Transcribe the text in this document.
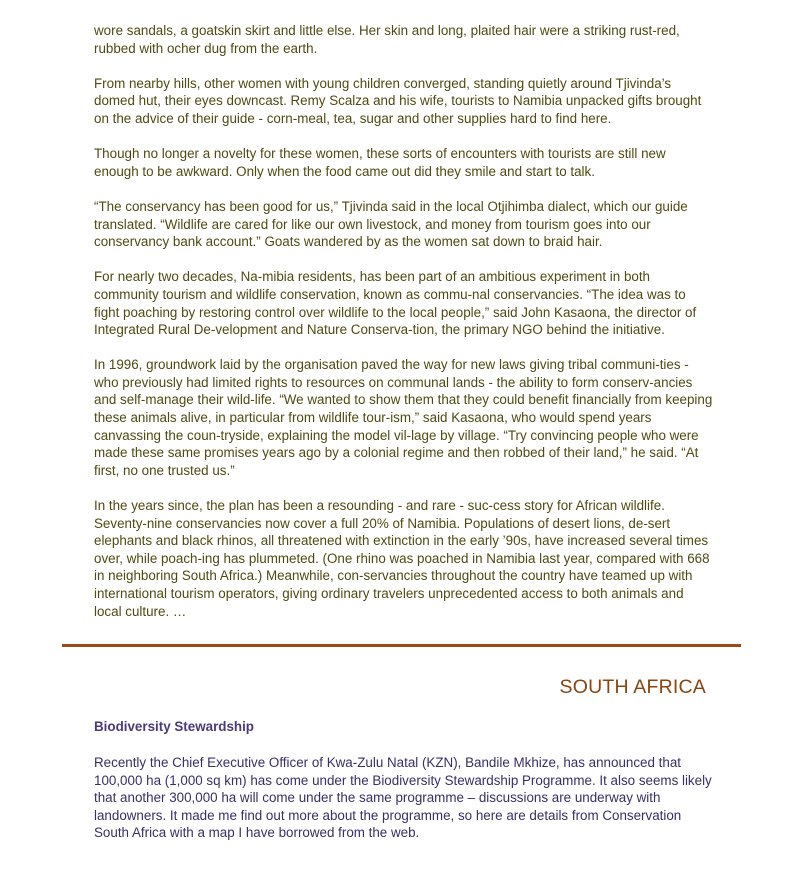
wore sandals, a goatskin skirt and little else. Her skin and long, plaited hair were a striking rust-red, rubbed with ocher dug from the earth.

From nearby hills, other women with young children converged, standing quietly around Tjivinda’s domed hut, their eyes downcast. Remy Scalza and his wife, tourists to Namibia unpacked gifts brought on the advice of their guide - corn-meal, tea, sugar and other supplies hard to find here.

Though no longer a novelty for these women, these sorts of encounters with tourists are still new enough to be awkward. Only when the food came out did they smile and start to talk.

“The conservancy has been good for us,” Tjivinda said in the local Otjihimba dialect, which our guide translated. “Wildlife are cared for like our own livestock, and money from tourism goes into our conservancy bank account.” Goats wandered by as the women sat down to braid hair.

For nearly two decades, Na-mibia residents, has been part of an ambitious experiment in both community tourism and wildlife conservation, known as commu-nal conservancies. “The idea was to fight poaching by restoring control over wildlife to the local people,” said John Kasaona, the director of Integrated Rural De-velopment and Nature Conserva-tion, the primary NGO behind the initiative.

In 1996, groundwork laid by the organisation paved the way for new laws giving tribal communi-ties - who previously had limited rights to resources on communal lands - the ability to form conserv-ancies and self-manage their wild-life. “We wanted to show them that they could benefit financially from keeping these animals alive, in particular from wildlife tour-ism,” said Kasaona, who would spend years canvassing the coun-tryside, explaining the model vil-lage by village. “Try convincing people who were made these same promises years ago by a colonial regime and then robbed of their land,” he said. “At first, no one trusted us.”

In the years since, the plan has been a resounding - and rare - suc-cess story for African wildlife. Seventy-nine conservancies now cover a full 20% of Namibia. Populations of desert lions, de-sert elephants and black rhinos, all threatened with extinction in the early ’90s, have increased several times over, while poach-ing has plummeted. (One rhino was poached in Namibia last year, compared with 668 in neighboring South Africa.) Meanwhile, con-servancies throughout the country have teamed up with international tourism operators, giving ordinary travelers unprecedented access to both animals and local culture. …

SOUTH AFRICA
Biodiversity Stewardship

Recently the Chief Executive Officer of Kwa-Zulu Natal (KZN), Bandile Mkhize, has announced that 100,000 ha (1,000 sq km) has come under the Biodiversity Stewardship Programme. It also seems likely that another 300,000 ha will come under the same programme – discussions are underway with landowners. It made me find out more about the programme, so here are details from Conservation South Africa with a map I have borrowed from the web.
